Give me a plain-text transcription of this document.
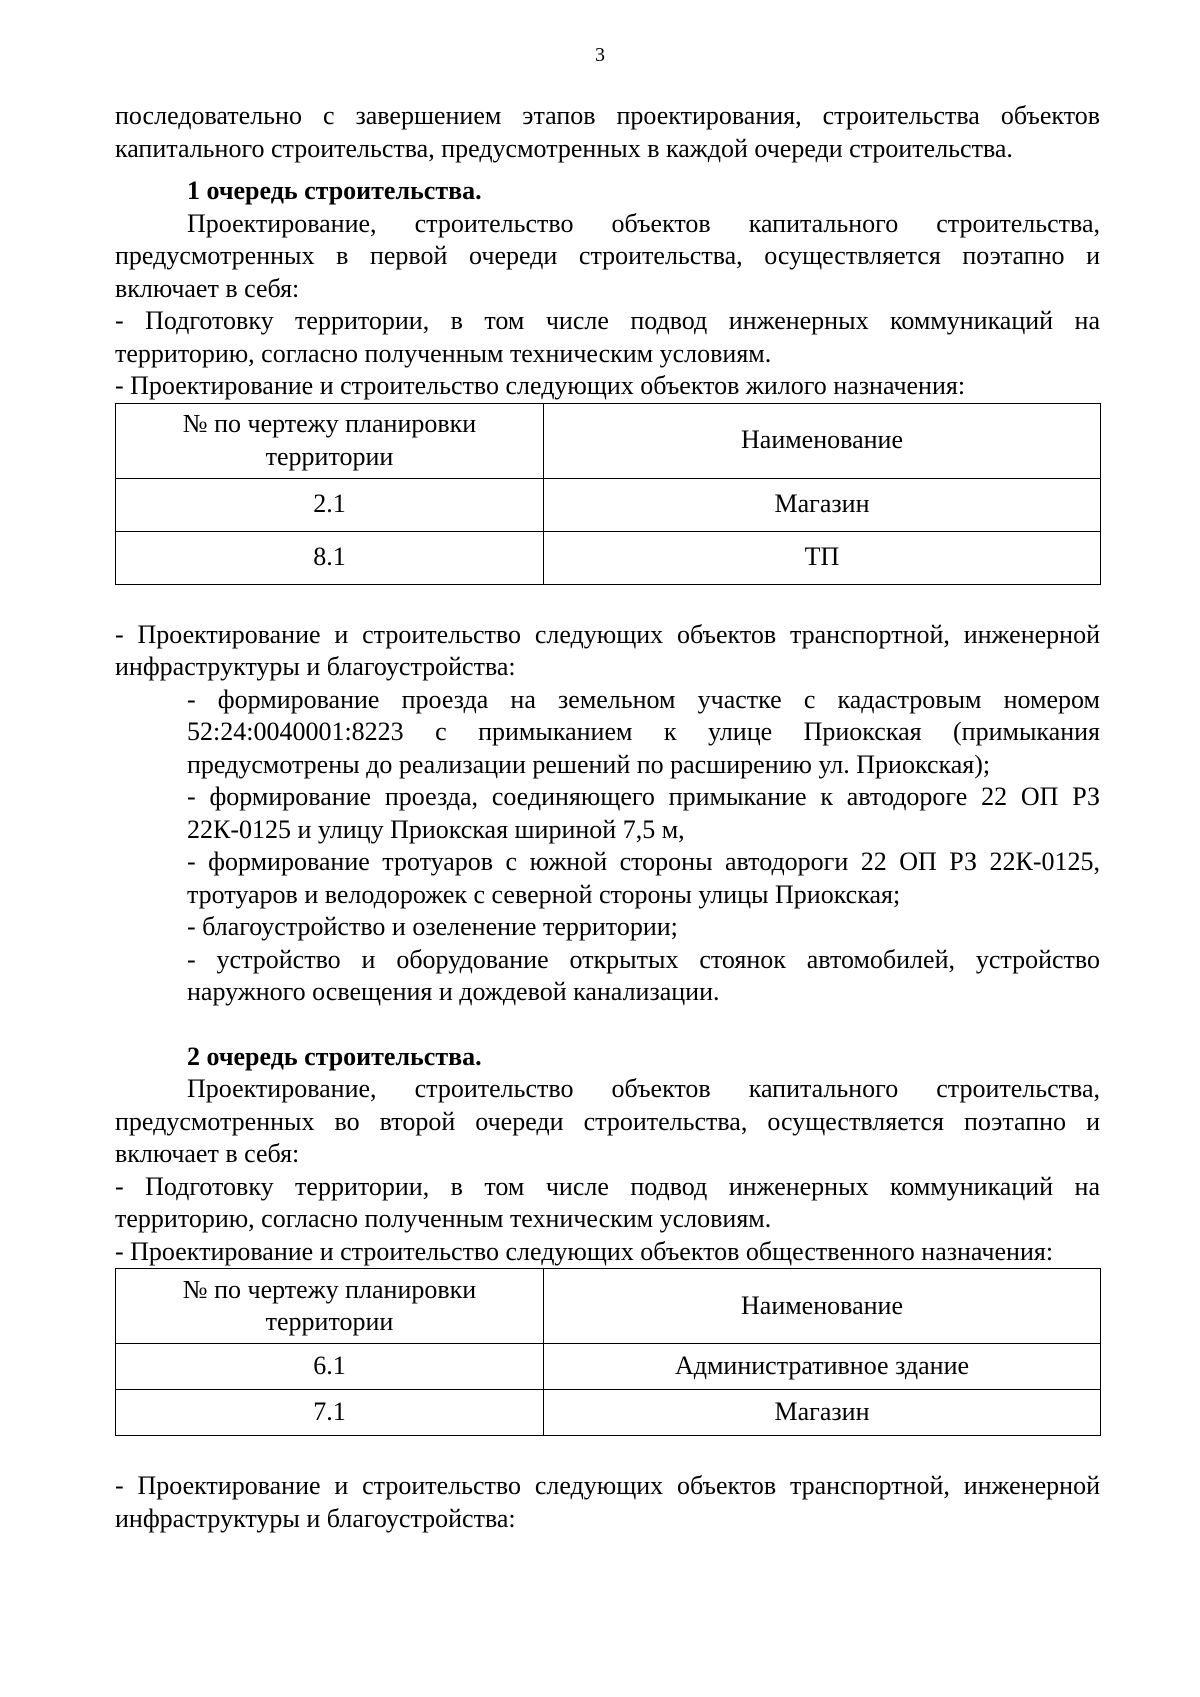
3

последовательно с завершением этапов проектирования, строительства объектов капитального строительства, предусмотренных в каждой очереди строительства.

1 очередь строительства.

Проектирование, строительство объектов капитального строительства, предусмотренных в первой очереди строительства, осуществляется поэтапно и включает в себя:

- Подготовку территории, в том числе подвод инженерных коммуникаций на территорию, согласно полученным техническим условиям.

- Проектирование и строительство следующих объектов жилого назначения:

№ по чертежу планировки территории	Наименование
2.1	Магазин
8.1	ТП

- Проектирование и строительство следующих объектов транспортной, инженерной инфраструктуры и благоустройства:

- формирование проезда на земельном участке с кадастровым номером 52:24:0040001:8223 с примыканием к улице Приокская (примыкания предусмотрены до реализации решений по расширению ул. Приокская);

- формирование проезда, соединяющего примыкание к автодороге 22 ОП РЗ 22К-0125 и улицу Приокская шириной 7,5 м,

- формирование тротуаров с южной стороны автодороги 22 ОП РЗ 22К-0125, тротуаров и велодорожек с северной стороны улицы Приокская;

- благоустройство и озеленение территории;

- устройство и оборудование открытых стоянок автомобилей, устройство наружного освещения и дождевой канализации.

2 очередь строительства.

Проектирование, строительство объектов капитального строительства, предусмотренных во второй очереди строительства, осуществляется поэтапно и включает в себя:

- Подготовку территории, в том числе подвод инженерных коммуникаций на территорию, согласно полученным техническим условиям.

- Проектирование и строительство следующих объектов общественного назначения:

№ по чертежу планировки территории	Наименование
6.1	Административное здание
7.1	Магазин

- Проектирование и строительство следующих объектов транспортной, инженерной инфраструктуры и благоустройства:
